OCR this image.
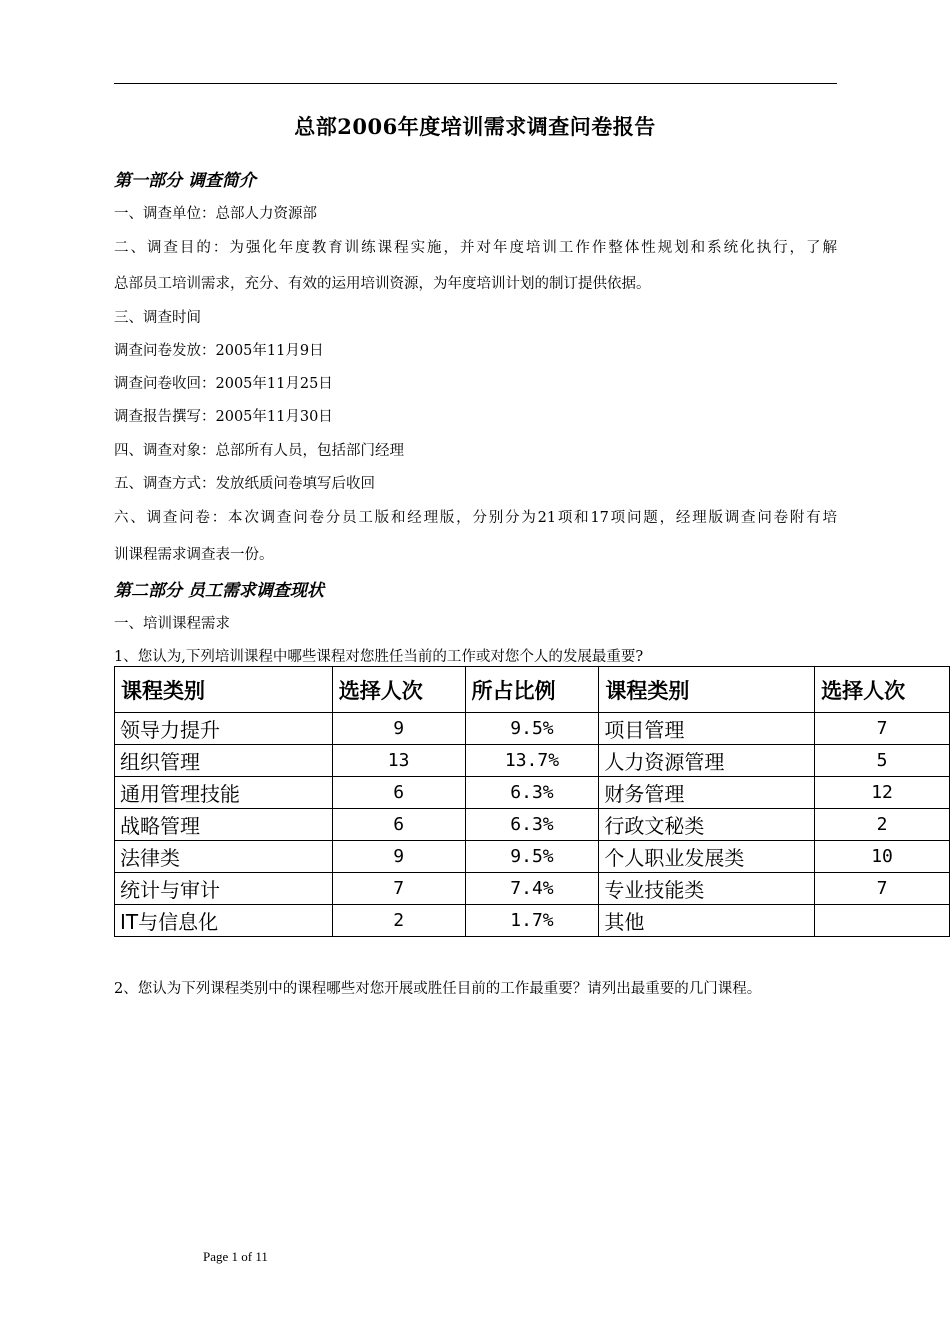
总部2006年度培训需求调查问卷报告
第一部分 调查简介
一、调查单位：总部人力资源部
二、调查目的：为强化年度教育训练课程实施，并对年度培训工作作整体性规划和系统化执行，了解
总部员工培训需求，充分、有效的运用培训资源，为年度培训计划的制订提供依据。
三、调查时间
调查问卷发放：2005年11月9日
调查问卷收回：2005年11月25日
调查报告撰写：2005年11月30日
四、调查对象：总部所有人员，包括部门经理
五、调查方式：发放纸质问卷填写后收回
六、调查问卷：本次调查问卷分员工版和经理版，分别分为21项和17项问题，经理版调查问卷附有培
训课程需求调查表一份。
第二部分 员工需求调查现状
一、培训课程需求
1、您认为,下列培训课程中哪些课程对您胜任当前的工作或对您个人的发展最重要?
课程类别	选择人次	所占比例	课程类别	选择人次
领导力提升	9	9.5%	项目管理	7
组织管理	13	13.7%	人力资源管理	5
通用管理技能	6	6.3%	财务管理	12
战略管理	6	6.3%	行政文秘类	2
法律类	9	9.5%	个人职业发展类	10
统计与审计	7	7.4%	专业技能类	7
IT与信息化	2	1.7%	其他	
2、您认为下列课程类别中的课程哪些对您开展或胜任目前的工作最重要？请列出最重要的几门课程。
Page 1 of 11
